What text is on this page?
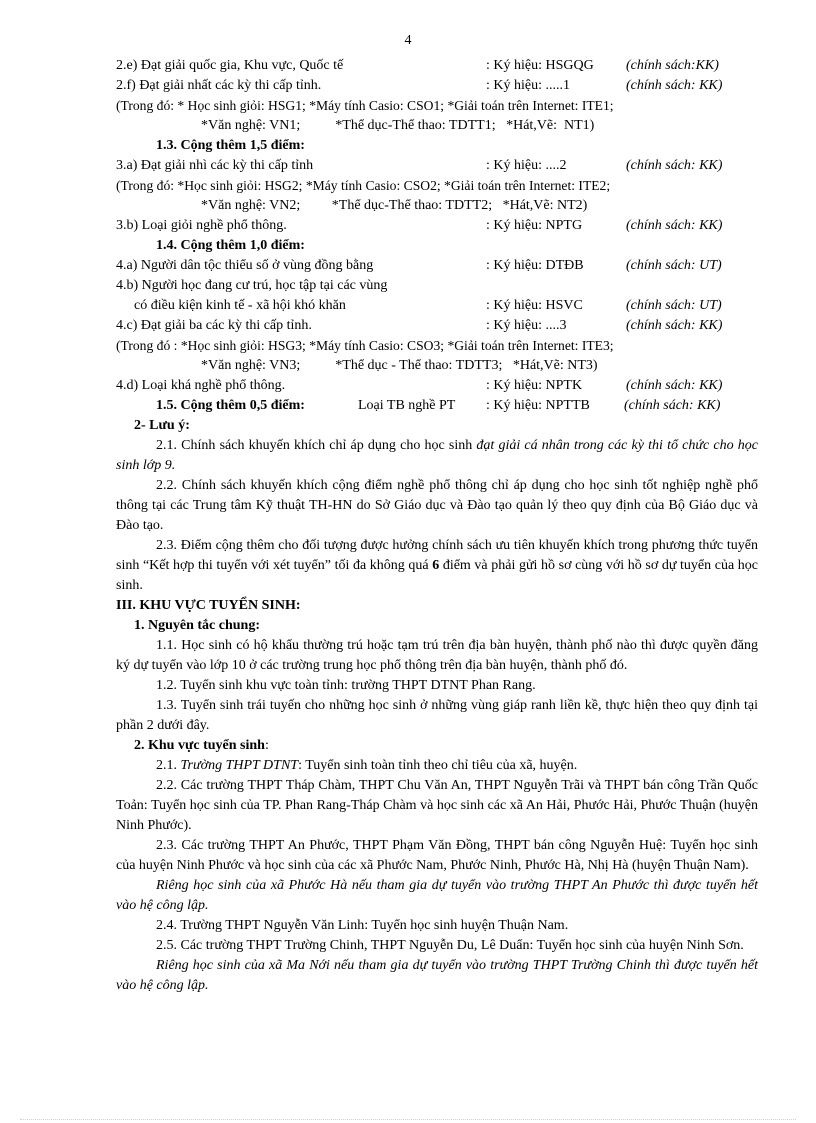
4
2.e) Đạt giải quốc gia, Khu vực, Quốc tế	: Ký hiệu: HSGQG (chính sách:KK)
2.f) Đạt giải nhất các kỳ thi cấp tỉnh.	: Ký hiệu: .....1	(chính sách: KK)
(Trong đó: * Học sinh giỏi: HSG1; *Máy tính Casio: CSO1; *Giải toán trên Internet: ITE1;
*Văn nghệ: VN1;          *Thể dục-Thể thao: TDTT1;   *Hát,Vẽ:  NT1)
1.3. Cộng thêm 1,5 điểm:
3.a) Đạt giải nhì các kỳ thi cấp tỉnh	: Ký hiệu: ....2	(chính sách: KK)
(Trong đó: *Học sinh giỏi: HSG2; *Máy tính Casio: CSO2; *Giải toán trên Internet: ITE2;
*Văn nghệ: VN2;         *Thể dục-Thể thao: TDTT2;   *Hát,Vẽ: NT2)
3.b) Loại giỏi nghề phổ thông.	: Ký hiệu: NPTG	(chính sách: KK)
1.4. Cộng thêm 1,0 điểm:
4.a) Người dân tộc thiểu số ở vùng đồng bằng	: Ký hiệu: DTĐB	(chính sách: UT)
4.b) Người học đang cư trú, học tập tại các vùng
có điều kiện kinh tế - xã hội khó khăn	: Ký hiệu: HSVC	(chính sách: UT)
4.c) Đạt giải ba các kỳ thi cấp tỉnh.	: Ký hiệu: ....3	(chính sách: KK)
(Trong đó : *Học sinh giỏi: HSG3; *Máy tính Casio: CSO3; *Giải toán trên Internet: ITE3;
*Văn nghệ: VN3;          *Thể dục - Thể thao: TDTT3;   *Hát,Vẽ: NT3)
4.d) Loại khá nghề phổ thông.	: Ký hiệu: NPTK	(chính sách: KK)
1.5. Cộng thêm 0,5 điểm:	Loại TB nghề PT : Ký hiệu: NPTTB (chính sách: KK)
2- Lưu ý:
2.1. Chính sách khuyến khích chỉ áp dụng cho học sinh đạt giải cá nhân trong các kỳ thi tổ chức cho học sinh lớp 9.
2.2. Chính sách khuyến khích cộng điểm nghề phổ thông chỉ áp dụng cho học sinh tốt nghiệp nghề phổ thông tại các Trung tâm Kỹ thuật TH-HN do Sở Giáo dục và Đào tạo quản lý theo quy định của Bộ Giáo dục và Đào tạo.
2.3. Điểm cộng thêm cho đối tượng được hưởng chính sách ưu tiên khuyến khích trong phương thức tuyển sinh “Kết hợp thi tuyển với xét tuyển” tối đa không quá 6 điểm và phải gửi hồ sơ cùng với hồ sơ dự tuyển của học sinh.
III. KHU VỰC TUYỂN SINH:
1. Nguyên tắc chung:
1.1. Học sinh có hộ khẩu thường trú hoặc tạm trú trên địa bàn huyện, thành phố nào thì được quyền đăng ký dự tuyển vào lớp 10 ở các trường trung học phổ thông trên địa bàn huyện, thành phố đó.
1.2. Tuyển sinh khu vực toàn tỉnh: trường THPT DTNT Phan Rang.
1.3. Tuyển sinh trái tuyến cho những học sinh ở những vùng giáp ranh liền kề, thực hiện theo quy định tại phần 2 dưới đây.
2. Khu vực tuyển sinh:
2.1. Trường THPT DTNT: Tuyển sinh toàn tỉnh theo chỉ tiêu của xã, huyện.
2.2. Các trường THPT Tháp Chàm, THPT Chu Văn An, THPT Nguyễn Trãi và THPT bán công Trần Quốc Toản: Tuyển học sinh của TP. Phan Rang-Tháp Chàm và học sinh các xã An Hải, Phước Hải, Phước Thuận (huyện Ninh Phước).
2.3. Các trường THPT An Phước, THPT Phạm Văn Đồng, THPT bán công Nguyễn Huệ: Tuyển học sinh của huyện Ninh Phước và học sinh của các xã Phước Nam, Phước Ninh, Phước Hà, Nhị Hà (huyện Thuận Nam).
Riêng học sinh của xã Phước Hà nếu tham gia dự tuyển vào trường THPT An Phước thì được tuyển hết vào hệ công lập.
2.4. Trường THPT Nguyễn Văn Linh: Tuyển học sinh huyện Thuận Nam.
2.5. Các trường THPT Trường Chinh, THPT Nguyễn Du, Lê Duẩn: Tuyển học sinh của huyện Ninh Sơn.
Riêng học sinh của xã Ma Nới nếu tham gia dự tuyển vào trường THPT Trường Chinh thì được tuyển hết vào hệ công lập.
